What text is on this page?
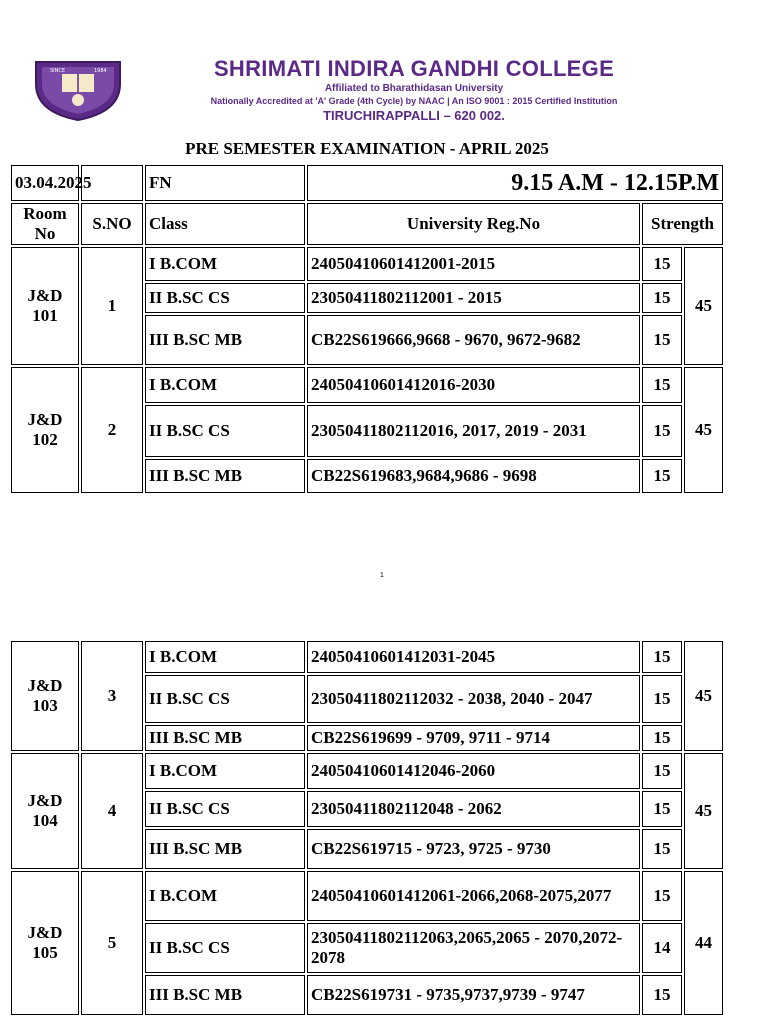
SINCE	1984	SHRIMATI INDIRA GANDHI COLLEGE
Affiliated to Bharathidasan University
Nationally Accredited at 'A' Grade (4th Cycle) by NAAC | An ISO 9001 : 2015 Certified Institution
TIRUCHIRAPPALLI – 620 002.
PRE SEMESTER EXAMINATION - APRIL 2025
03.04.2025		FN	9.15 A.M - 12.15P.M		
Room No	S.NO	Class	University Reg.No	Strength	
J&D 101	1	I B.COM	24050410601412001-2015	15	45
		II B.SC CS	23050411802112001 - 2015	15	
		III B.SC MB	CB22S619666,9668 - 9670, 9672-9682	15	
J&D 102	2	I B.COM	24050410601412016-2030	15	45
		II B.SC CS	23050411802112016, 2017, 2019 - 2031	15	
		III B.SC MB	CB22S619683,9684,9686 - 9698	15	
1
J&D 103	3	I B.COM	24050410601412031-2045	15	45
		II B.SC CS	23050411802112032 - 2038, 2040 - 2047	15	
		III B.SC MB	CB22S619699 - 9709, 9711 - 9714	15	
J&D 104	4	I B.COM	24050410601412046-2060	15	45
		II B.SC CS	23050411802112048 - 2062	15	
		III B.SC MB	CB22S619715 - 9723, 9725 - 9730	15	
J&D 105	5	I B.COM	24050410601412061-2066,2068-2075,2077	15	44
		II B.SC CS	23050411802112063,2065,2065 - 2070,2072- 2078	14	
		III B.SC MB	CB22S619731 - 9735,9737,9739 - 9747	15	
